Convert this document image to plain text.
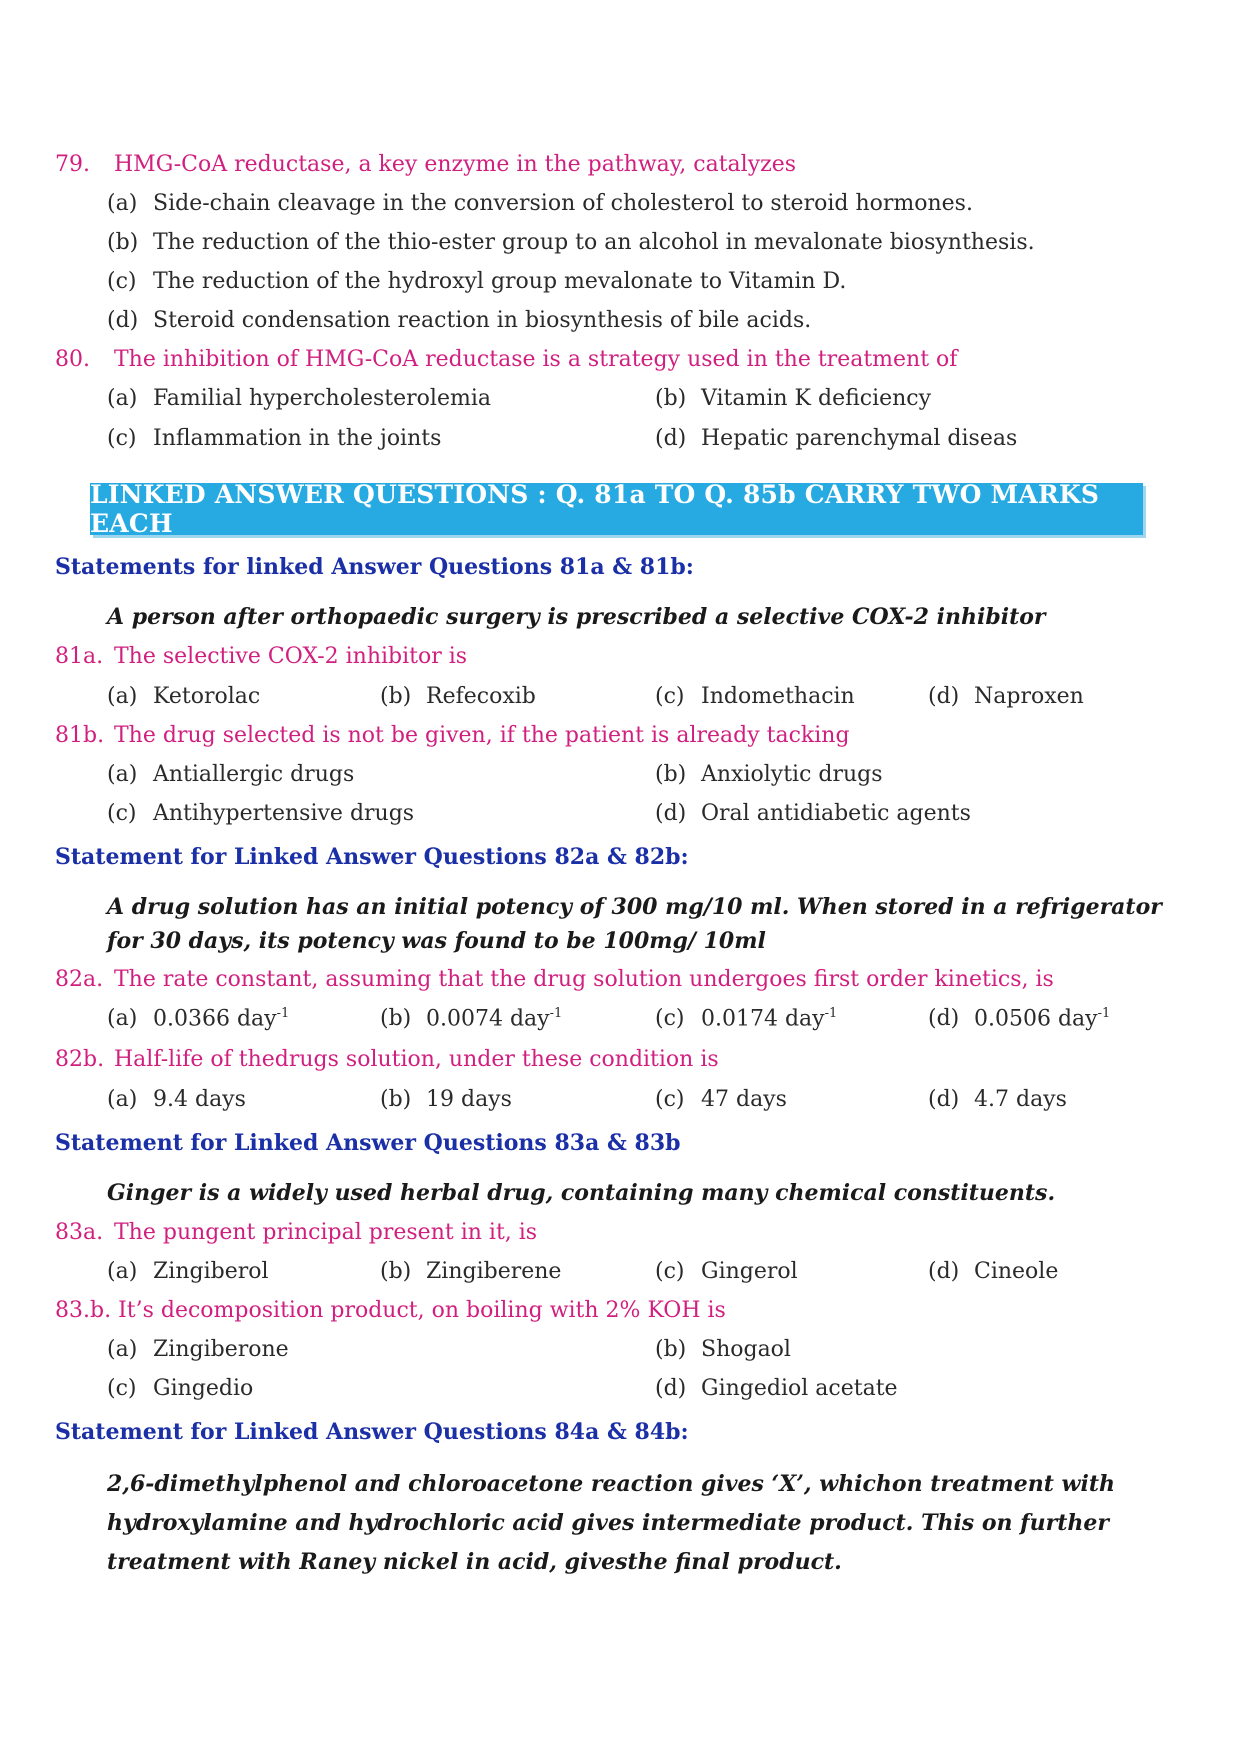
79. HMG-CoA reductase, a key enzyme in the pathway, catalyzes
(a) Side-chain cleavage in the conversion of cholesterol to steroid hormones.
(b) The reduction of the thio-ester group to an alcohol in mevalonate biosynthesis.
(c) The reduction of the hydroxyl group mevalonate to Vitamin D.
(d) Steroid condensation reaction in biosynthesis of bile acids.
80. The inhibition of HMG-CoA reductase is a strategy used in the treatment of
(a) Familial hypercholesterolemia	(b) Vitamin K deficiency
(c) Inflammation in the joints	(d) Hepatic parenchymal diseas
LINKED ANSWER QUESTIONS : Q. 81a TO Q. 85b CARRY TWO MARKS EACH
Statements for linked Answer Questions 81a & 81b:
A person after orthopaedic surgery is prescribed a selective COX-2 inhibitor
81a. The selective COX-2 inhibitor is
(a) Ketorolac	(b) Refecoxib	(c) Indomethacin	(d) Naproxen
81b. The drug selected is not be given, if the patient is already tacking
(a) Antiallergic drugs	(b) Anxiolytic drugs
(c) Antihypertensive drugs	(d) Oral antidiabetic agents
Statement for Linked Answer Questions 82a & 82b:
A drug solution has an initial potency of 300 mg/10 ml. When stored in a refrigerator for 30 days, its potency was found to be 100mg/ 10ml
82a. The rate constant, assuming that the drug solution undergoes first order kinetics, is
(a) 0.0366 day$^{-1}$	(b) 0.0074 day$^{-1}$	(c) 0.0174 day$^{-1}$	(d) 0.0506 day$^{-1}$
82b. Half-life of thedrugs solution, under these condition is
(a) 9.4 days	(b) 19 days	(c) 47 days	(d) 4.7 days
Statement for Linked Answer Questions 83a & 83b
Ginger is a widely used herbal drug, containing many chemical constituents.
83a. The pungent principal present in it, is
(a) Zingiberol	(b) Zingiberene	(c) Gingerol	(d) Cineole
83.b. It’s decomposition product, on boiling with 2% KOH is
(a) Zingiberone	(b) Shogaol
(c) Gingedio	(d) Gingediol acetate
Statement for Linked Answer Questions 84a & 84b:
2,6-dimethylphenol and chloroacetone reaction gives ‘X’, whichon treatment with hydroxylamine and hydrochloric acid gives intermediate product. This on further treatment with Raney nickel in acid, givesthe final product.
